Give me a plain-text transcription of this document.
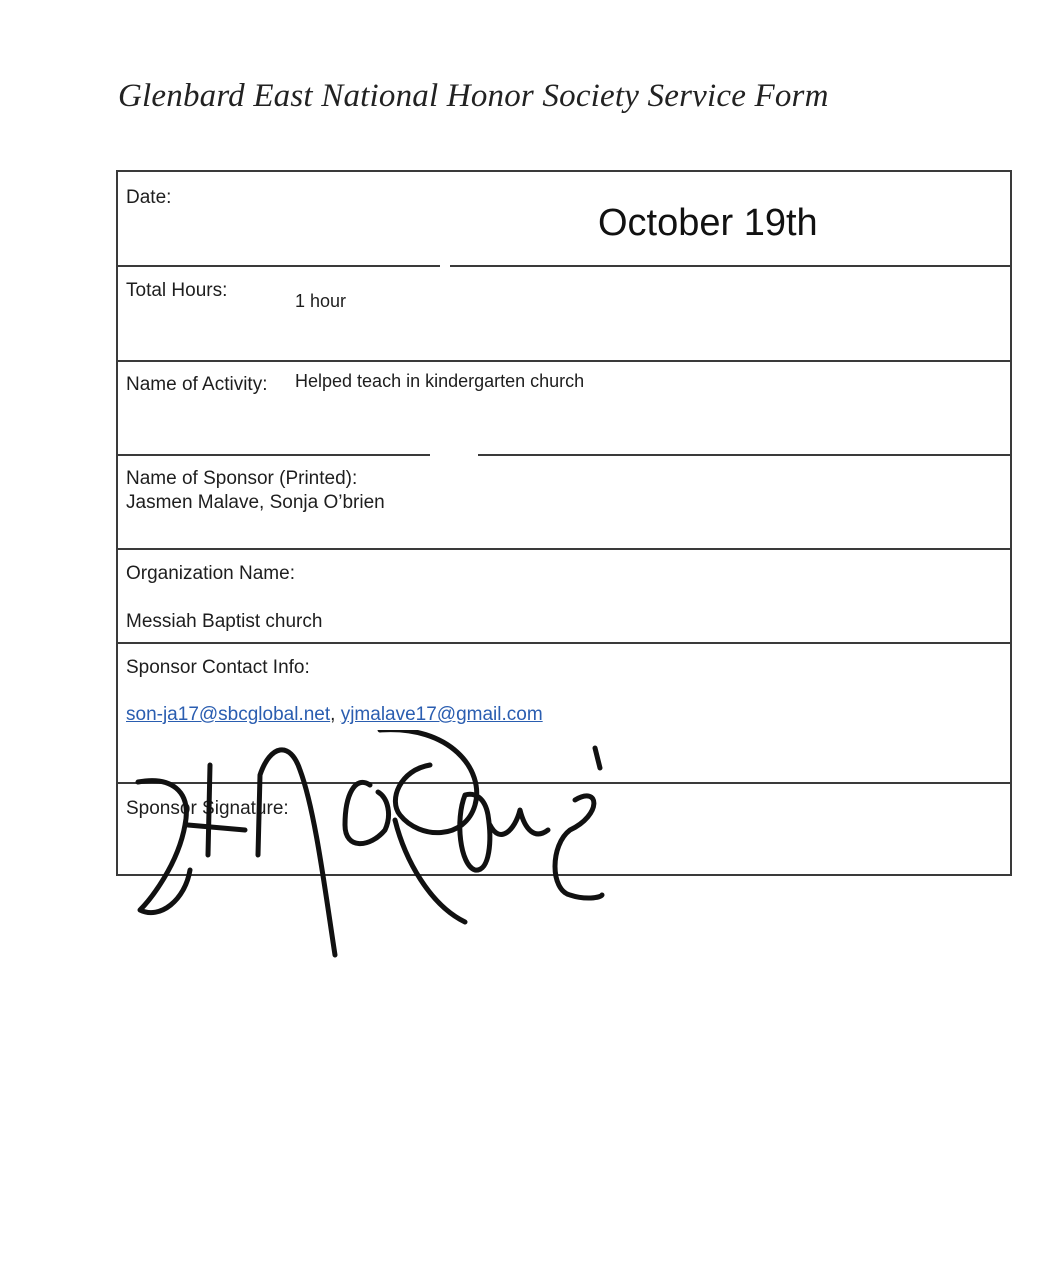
Glenbard East National Honor Society Service Form
Date:
October 19th
Total Hours:	1 hour
Name of Activity: Helped teach in kindergarten church
Name of Sponsor (Printed):
Jasmen Malave, Sonja O’brien
Organization Name:
Messiah Baptist church
Sponsor Contact Info:
son-ja17@sbcglobal.net, yjmalave17@gmail.com
Sponsor Signature:
